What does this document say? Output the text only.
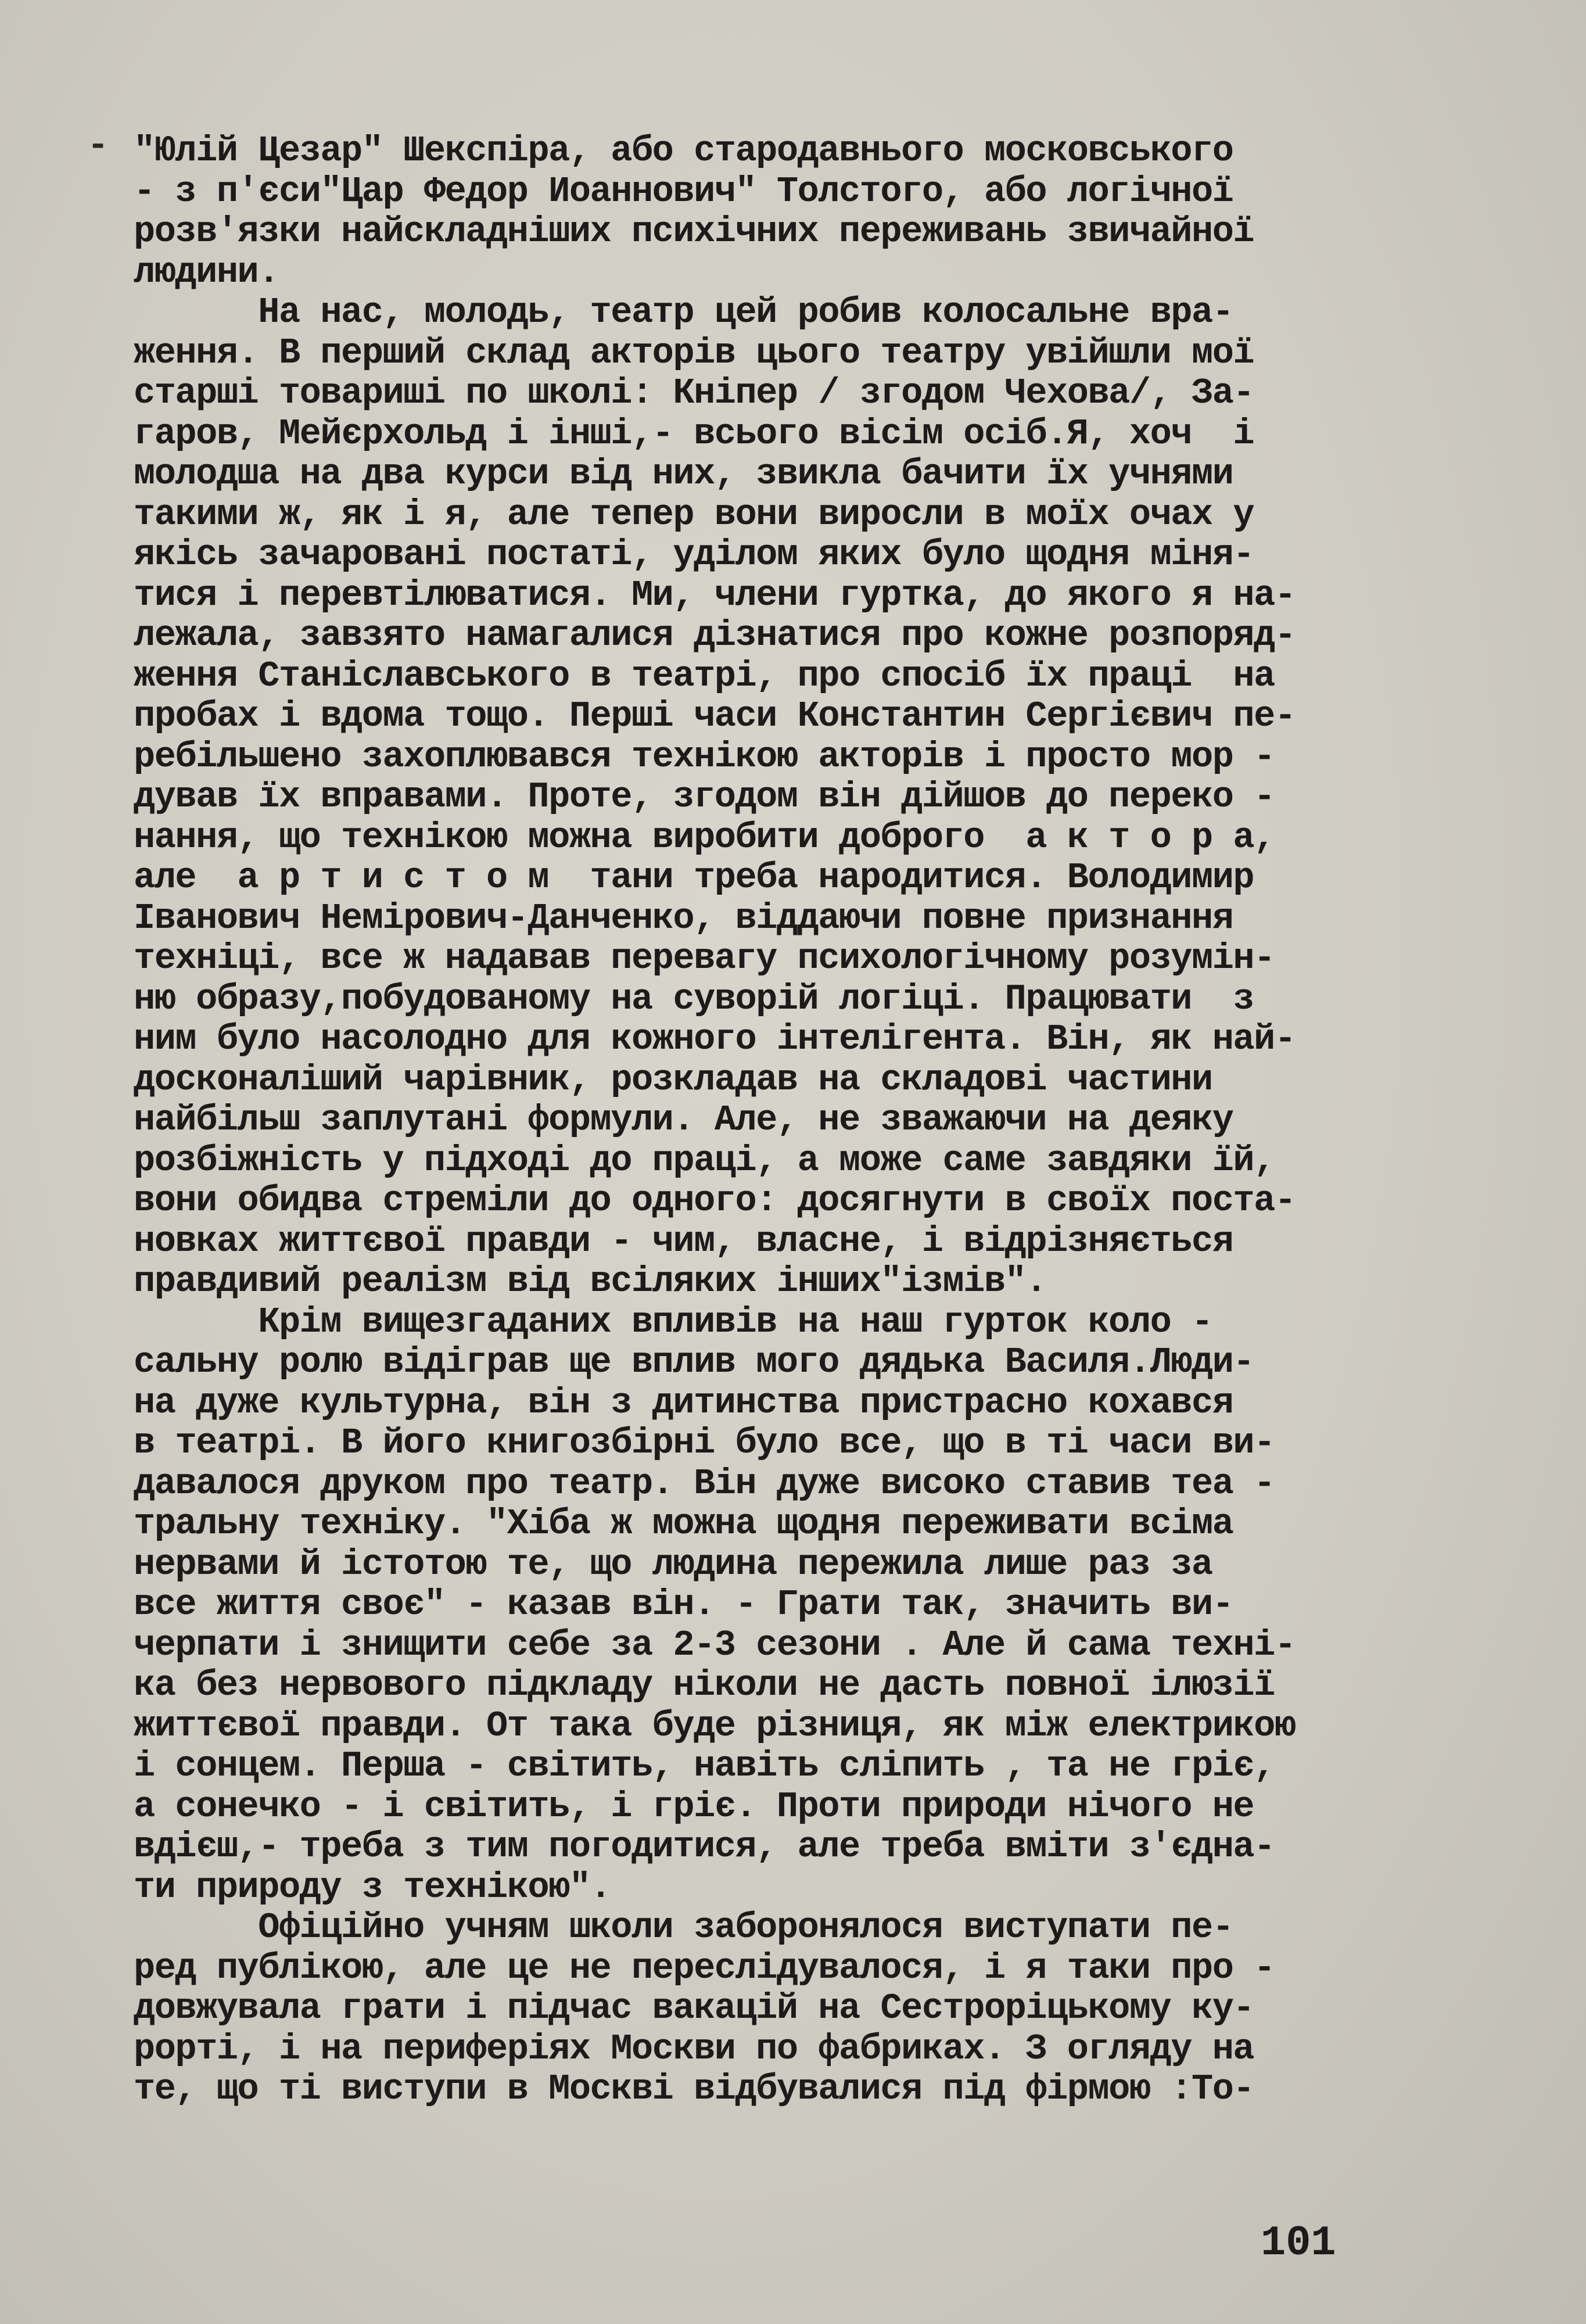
"Юлій Цезар" Шекспіра, або стародавнього московського
- з п'єси"Цар Федор Иоаннович" Толстого, або логічної
розв'язки найскладніших психічних переживань звичайної
людини.
На нас, молодь, театр цей робив колосальне вра-
ження. В перший склад акторів цього театру увійшли мої
старші товариші по школі: Кніпер / згодом Чехова/, За-
гаров, Мейєрхольд і інші,- всього вісім осіб.Я, хоч  і
молодша на два курси від них, звикла бачити їх учнями
такими ж, як і я, але тепер вони виросли в моїх очах у
якісь зачаровані постаті, уділом яких було щодня міня-
тися і перевтілюватися. Ми, члени гуртка, до якого я на-
лежала, завзято намагалися дізнатися про кожне розпоряд-
ження Станіславського в театрі, про спосіб їх праці  на
пробах і вдома тощо. Перші часи Константин Сергієвич пе-
ребільшено захоплювався технікою акторів і просто мор -
дував їх вправами. Проте, згодом він дійшов до переко -
нання, що технікою можна виробити доброго  а к т о р а,
але  а р т и с т о м  тани треба народитися. Володимир
Іванович Немірович-Данченко, віддаючи повне признання
техніці, все ж надавав перевагу психологічному розумін-
ню образу,побудованому на суворій логіці. Працювати  з
ним було насолодно для кожного інтелігента. Він, як най-
досконаліший чарівник, розкладав на складові частини
найбільш заплутані формули. Але, не зважаючи на деяку
розбіжність у підході до праці, а може саме завдяки їй,
вони обидва стреміли до одного: досягнути в своїх поста-
новках життєвої правди - чим, власне, і відрізняється
правдивий реалізм від всіляких інших"ізмів".
Крім вищезгаданих впливів на наш гурток коло -
сальну ролю відіграв ще вплив мого дядька Василя.Люди-
на дуже культурна, він з дитинства пристрасно кохався
в театрі. В його книгозбірні було все, що в ті часи ви-
давалося друком про театр. Він дуже високо ставив теа -
тральну техніку. "Хіба ж можна щодня переживати всіма
нервами й істотою те, що людина пережила лише раз за
все життя своє" - казав він. - Грати так, значить ви-
черпати і знищити себе за 2-3 сезони . Але й сама техні-
ка без нервового підкладу ніколи не дасть повної ілюзії
життєвої правди. От така буде різниця, як між електрикою
і сонцем. Перша - світить, навіть сліпить , та не гріє,
а сонечко - і світить, і гріє. Проти природи нічого не
вдієш,- треба з тим погодитися, але треба вміти з'єдна-
ти природу з технікою".
Офіційно учням школи заборонялося виступати пе-
ред публікою, але це не переслідувалося, і я таки про -
довжувала грати і підчас вакацій на Сестроріцькому ку-
рорті, і на периферіях Москви по фабриках. З огляду на
те, що ті виступи в Москві відбувалися під фірмою :То-
-
101
